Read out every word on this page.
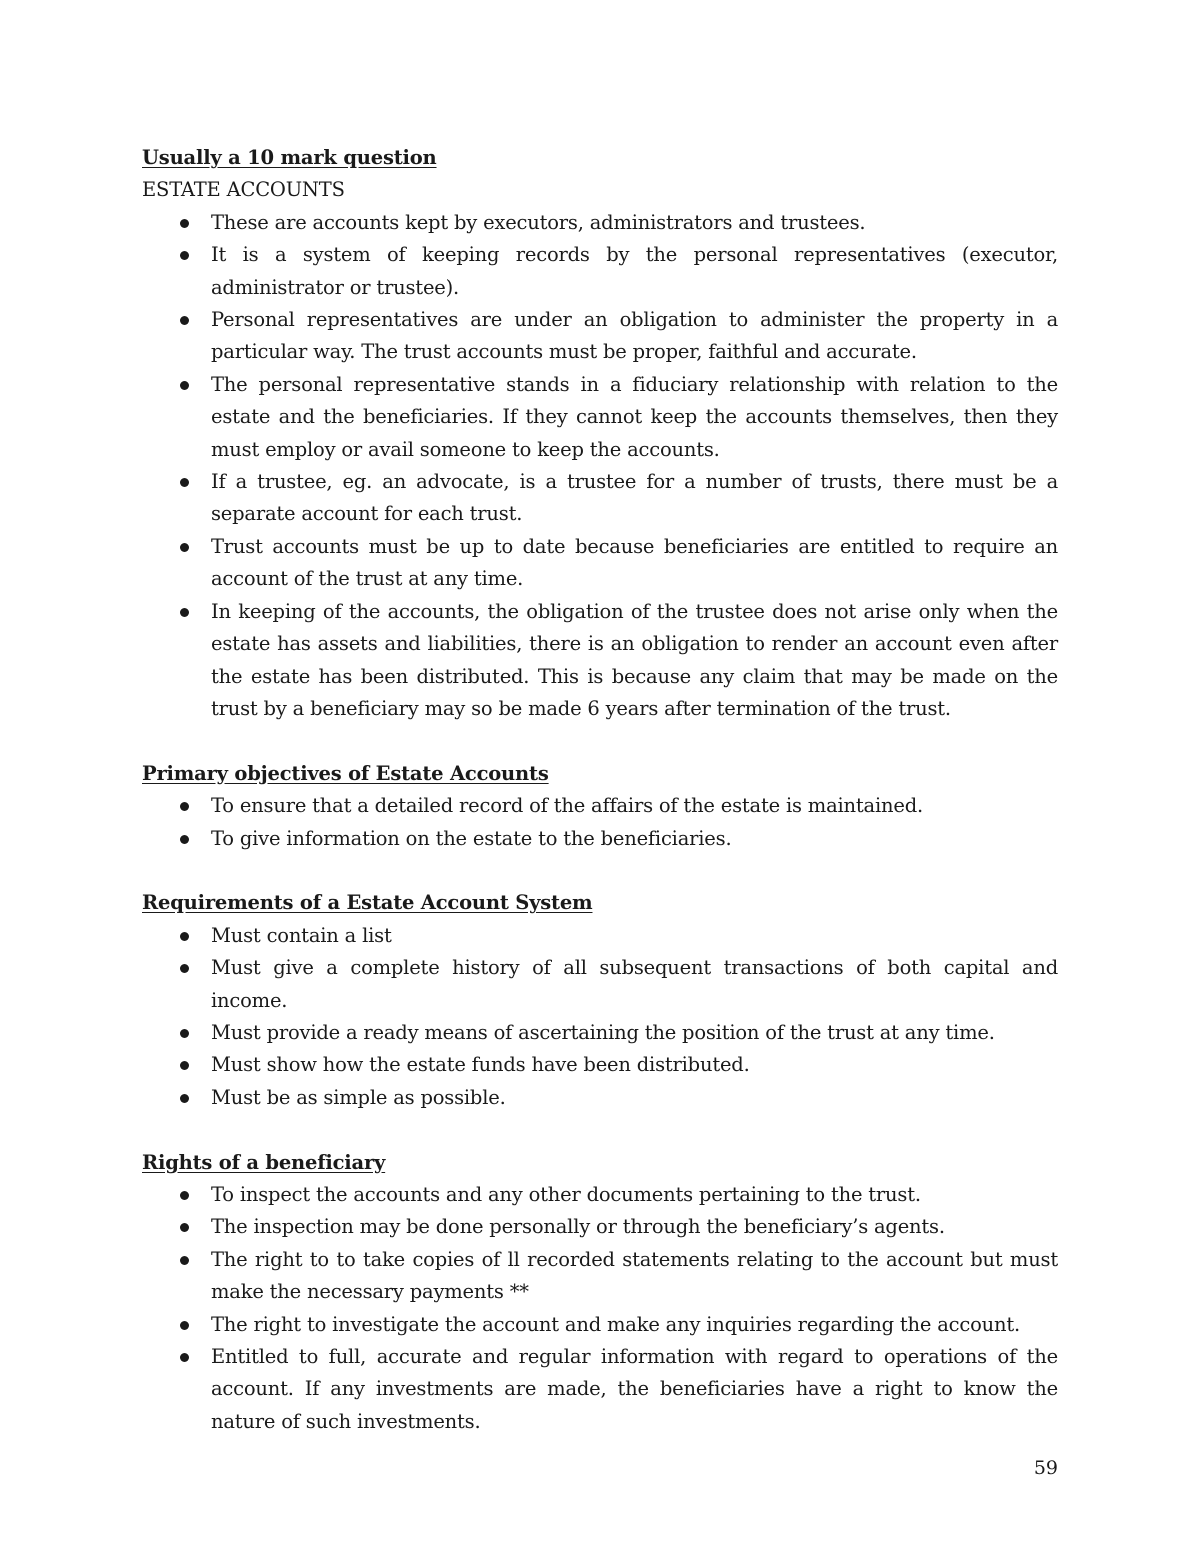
Usually a 10 mark question

ESTATE ACCOUNTS

These are accounts kept by executors, administrators and trustees.
It is a system of keeping records by the personal representatives (executor, administrator or trustee).
Personal representatives are under an obligation to administer the property in a particular way. The trust accounts must be proper, faithful and accurate.
The personal representative stands in a fiduciary relationship with relation to the estate and the beneficiaries. If they cannot keep the accounts themselves, then they must employ or avail someone to keep the accounts.
If a trustee, eg. an advocate, is a trustee for a number of trusts, there must be a separate account for each trust.
Trust accounts must be up to date because beneficiaries are entitled to require an account of the trust at any time.
In keeping of the accounts, the obligation of the trustee does not arise only when the estate has assets and liabilities, there is an obligation to render an account even after the estate has been distributed. This is because any claim that may be made on the trust by a beneficiary may so be made 6 years after termination of the trust.

Primary objectives of Estate Accounts

To ensure that a detailed record of the affairs of the estate is maintained.
To give information on the estate to the beneficiaries.

Requirements of a Estate Account System

Must contain a list
Must give a complete history of all subsequent transactions of both capital and income.
Must provide a ready means of ascertaining the position of the trust at any time.
Must show how the estate funds have been distributed.
Must be as simple as possible.

Rights of a beneficiary

To inspect the accounts and any other documents pertaining to the trust.
The inspection may be done personally or through the beneficiary’s agents.
The right to to take copies of ll recorded statements relating to the account but must make the necessary payments **
The right to investigate the account and make any inquiries regarding the account.
Entitled to full, accurate and regular information with regard to operations of the account. If any investments are made, the beneficiaries have a right to know the nature of such investments.
59
